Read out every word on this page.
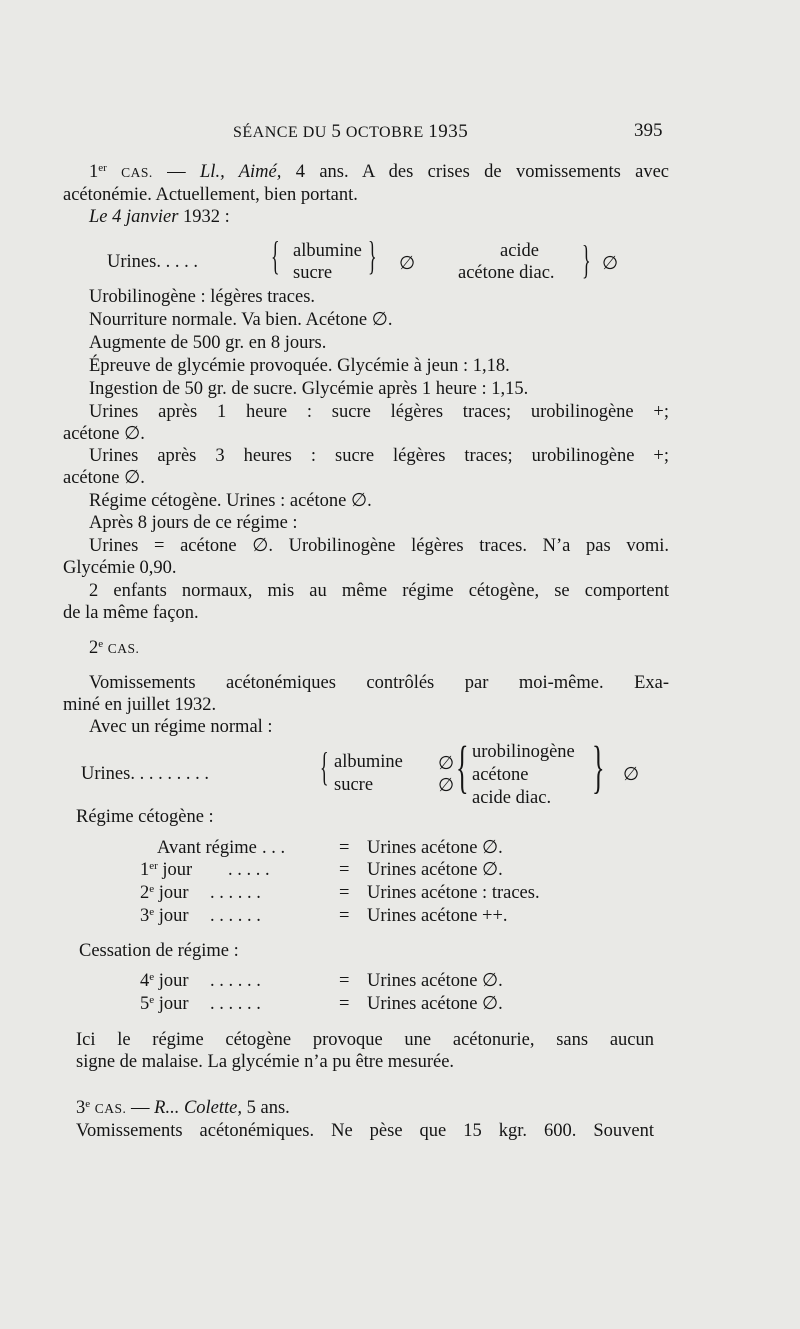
SÉANCE DU 5 OCTOBRE 1935	395
1er CAS. — Ll., Aimé, 4 ans. A des crises de vomissements avec
acétonémie. Actuellement, bien portant.
Le 4 janvier 1932 :
Urines. . . . . { albumine
sucre } ∅
acide
acétone diac. } ∅
Urobilinogène : légères traces.
Nourriture normale. Va bien. Acétone ∅.
Augmente de 500 gr. en 8 jours.
Épreuve de glycémie provoquée. Glycémie à jeun : 1,18.
Ingestion de 50 gr. de sucre. Glycémie après 1 heure : 1,15.
Urines après 1 heure : sucre légères traces; urobilinogène +;
acétone ∅.
Urines après 3 heures : sucre légères traces; urobilinogène +;
acétone ∅.
Régime cétogène. Urines : acétone ∅.
Après 8 jours de ce régime :
Urines = acétone ∅. Urobilinogène légères traces. N’a pas vomi.
Glycémie 0,90.
2 enfants normaux, mis au même régime cétogène, se comportent
de la même façon.
2e CAS.
Vomissements acétonémiques contrôlés par moi-même. Exa-
miné en juillet 1932.
Avec un régime normal :
Urines. . . . . . . . .	{ albumine
sucre
∅
∅ { urobilinogène
acétone
acide diac. } ∅
Régime cétogène :
Avant régime . . .	= Urines acétone ∅.
1er jour . . . . .	= Urines acétone ∅.
2e jour . . . . . .	= Urines acétone : traces.
3e jour . . . . . .	= Urines acétone ++.
Cessation de régime :
4e jour . . . . . .	= Urines acétone ∅.
5e jour . . . . . .	= Urines acétone ∅.
Ici le régime cétogène provoque une acétonurie, sans aucun
signe de malaise. La glycémie n’a pu être mesurée.
3e CAS. — R... Colette, 5 ans.
Vomissements acétonémiques. Ne pèse que 15 kgr. 600. Souvent
